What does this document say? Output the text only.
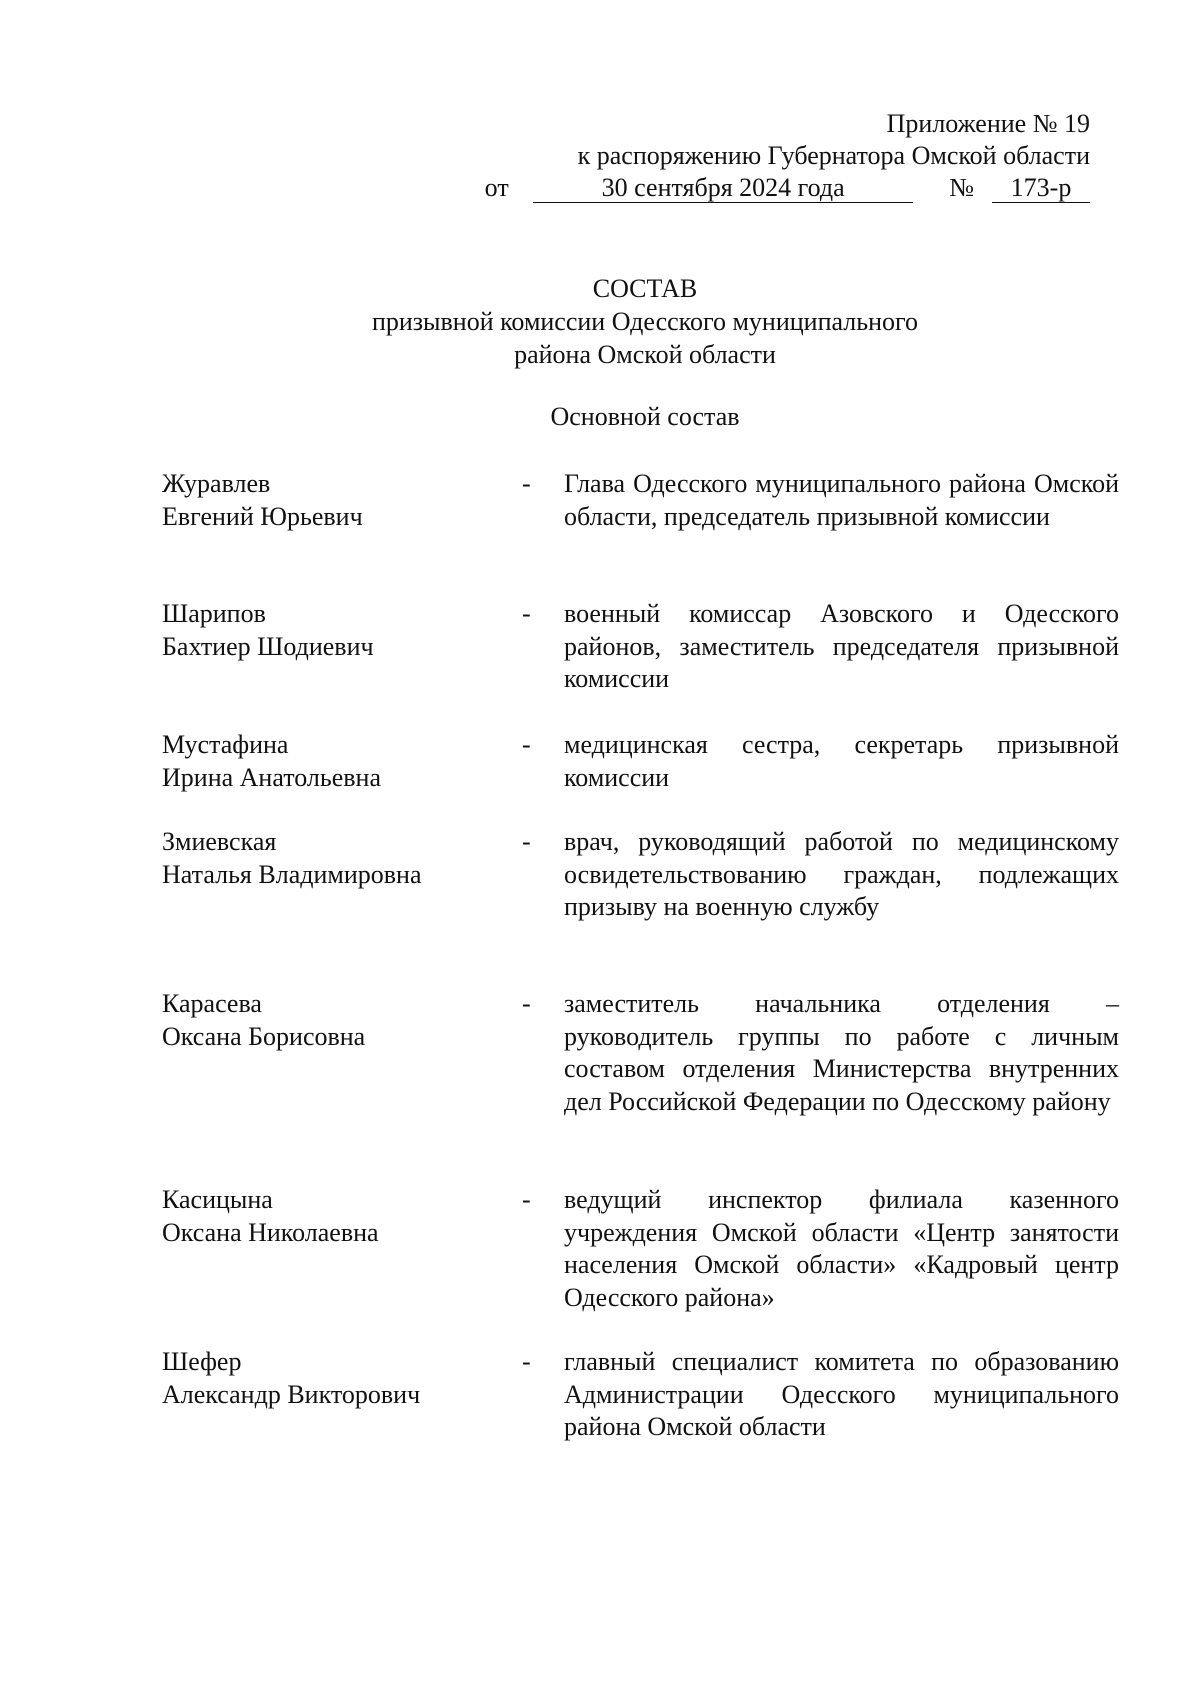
Приложение № 19
к распоряжению Губернатора Омской области
от	30 сентября 2024 года	№ 173-р
СОСТАВ
призывной комиссии Одесского муниципального
района Омской области
Основной состав
Журавлев
Евгений Юрьевич
-	Глава Одесского муниципального района Омской области, председатель призывной комиссии
Шарипов
Бахтиер Шодиевич
-	военный комиссар Азовского и Одесского районов, заместитель председателя призывной комиссии
Мустафина
Ирина Анатольевна
-	медицинская сестра, секретарь призывной комиссии
Змиевская
Наталья Владимировна
-	врач, руководящий работой по медицинскому освидетельствованию граждан, подлежащих призыву на военную службу
Карасева
Оксана Борисовна
-	заместитель начальника отделения – руководитель группы по работе с личным составом отделения Министерства внутренних дел Российской Федерации по Одесскому району
Касицына
Оксана Николаевна
-	ведущий инспектор филиала казенного учреждения Омской области «Центр занятости населения Омской области» «Кадровый центр Одесского района»
Шефер
Александр Викторович
-	главный специалист комитета по образованию Администрации Одесского муниципального района Омской области
